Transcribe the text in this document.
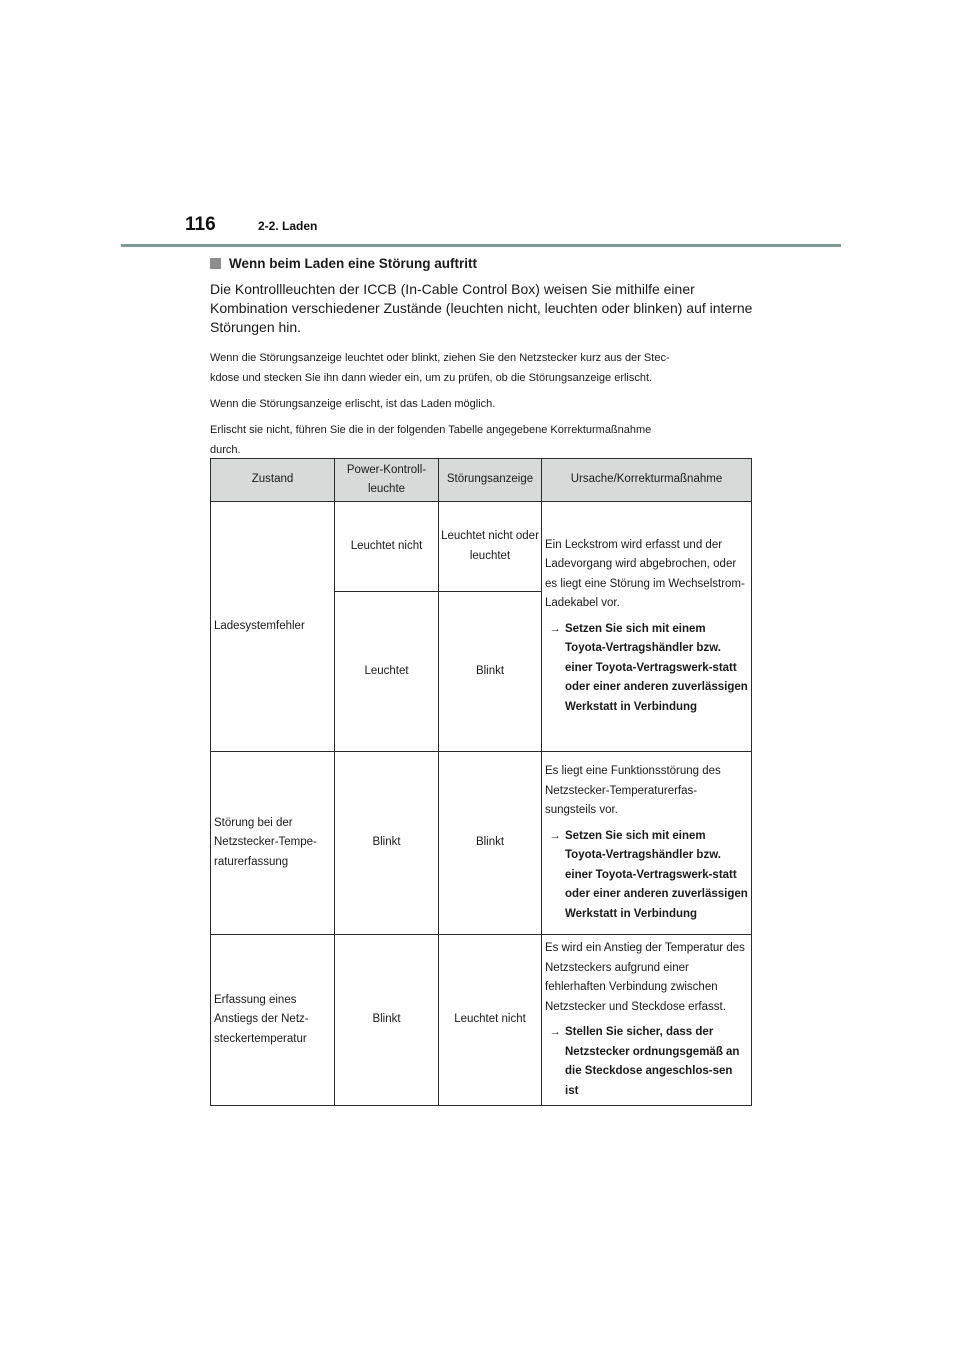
116	2-2. Laden
Wenn beim Laden eine Störung auftritt

Die Kontrollleuchten der ICCB (In-Cable Control Box) weisen Sie mithilfe einer Kombination verschiedener Zustände (leuchten nicht, leuchten oder blinken) auf interne Störungen hin.

Wenn die Störungsanzeige leuchtet oder blinkt, ziehen Sie den Netzstecker kurz aus der Stec-
kdose und stecken Sie ihn dann wieder ein, um zu prüfen, ob die Störungsanzeige erlischt.

Wenn die Störungsanzeige erlischt, ist das Laden möglich.

Erlischt sie nicht, führen Sie die in der folgenden Tabelle angegebene Korrekturmaßnahme
durch.

Zustand	Power-Kontroll-leuchte	Störungsanzeige	Ursache/Korrekturmaßnahme
Ladesystemfehler	Leuchtet nicht	Leuchtet nicht oder leuchtet	Ein Leckstrom wird erfasst und der Ladevorgang wird abgebrochen, oder es liegt eine Störung im Wechselstrom-Ladekabel vor.
→ Setzen Sie sich mit einem Toyota-Vertragshändler bzw. einer Toyota-Vertragswerk-statt oder einer anderen zuverlässigen Werkstatt in Verbindung

	Leuchtet	Blinkt	
Störung bei der Netzstecker-Tempe-raturerfassung	Blinkt	Blinkt	Es liegt eine Funktionsstörung des Netzstecker-Temperaturerfas-sungsteils vor.
→ Setzen Sie sich mit einem Toyota-Vertragshändler bzw. einer Toyota-Vertragswerk-statt oder einer anderen zuverlässigen Werkstatt in Verbindung

Erfassung eines Anstiegs der Netz-steckertemperatur	Blinkt	Leuchtet nicht	Es wird ein Anstieg der Temperatur des Netzsteckers aufgrund einer fehlerhaften Verbindung zwischen Netzstecker und Steckdose erfasst.
→ Stellen Sie sicher, dass der Netzstecker ordnungsgemäß an die Steckdose angeschlos-sen ist
